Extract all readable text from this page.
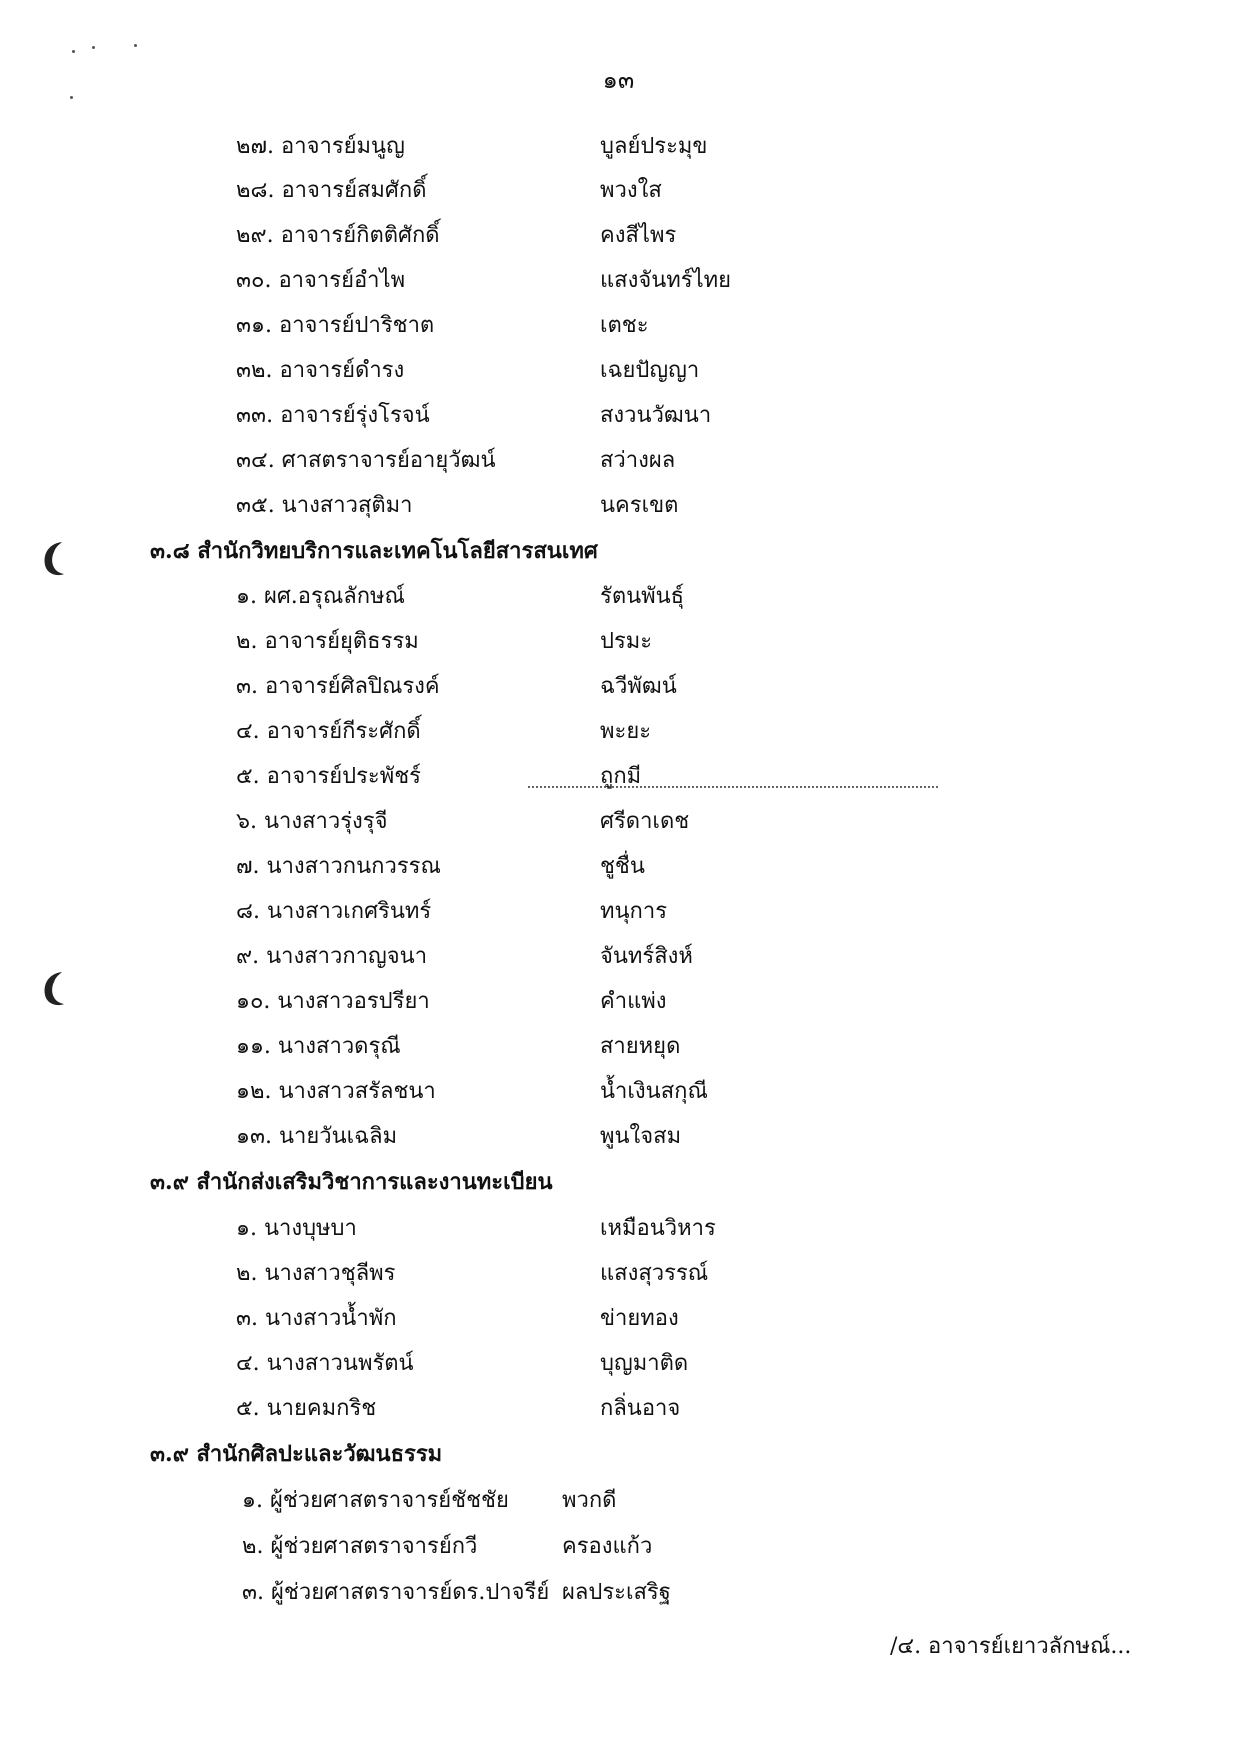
๑๓
๒๗. อาจารย์มนูญ	บูลย์ประมุข
๒๘. อาจารย์สมศักดิ์	พวงใส
๒๙. อาจารย์กิตติศักดิ์	คงสีไพร
๓๐. อาจารย์อำไพ	แสงจันทร์ไทย
๓๑. อาจารย์ปาริชาต	เตชะ
๓๒. อาจารย์ดำรง	เฉยปัญญา
๓๓. อาจารย์รุ่งโรจน์	สงวนวัฒนา
๓๔. ศาสตราจารย์อายุวัฒน์	สว่างผล
๓๕. นางสาวสุติมา	นครเขต
๓.๘ สำนักวิทยบริการและเทคโนโลยีสารสนเทศ
๑. ผศ.อรุณลักษณ์	รัตนพันธุ์
๒. อาจารย์ยุติธรรม	ปรมะ
๓. อาจารย์ศิลปิณรงค์	ฉวีพัฒน์
๔. อาจารย์กีระศักดิ์	พะยะ
๕. อาจารย์ประพัชร์	ถูกมี
๖. นางสาวรุ่งรุจี	ศรีดาเดช
๗. นางสาวกนกวรรณ	ชูชื่น
๘. นางสาวเกศรินทร์	ทนุการ
๙. นางสาวกาญจนา	จันทร์สิงห์
๑๐. นางสาวอรปรียา	คำแพ่ง
๑๑. นางสาวดรุณี	สายหยุด
๑๒. นางสาวสรัลชนา	น้ำเงินสกุณี
๑๓. นายวันเฉลิม	พูนใจสม
๓.๙ สำนักส่งเสริมวิชาการและงานทะเบียน
๑. นางบุษบา	เหมือนวิหาร
๒. นางสาวชุลีพร	แสงสุวรรณ์
๓. นางสาวน้ำพัก	ข่ายทอง
๔. นางสาวนพรัตน์	บุญมาติด
๕. นายคมกริช	กลิ่นอาจ
๓.๙ สำนักศิลปะและวัฒนธรรม
๑. ผู้ช่วยศาสตราจารย์ชัชชัย พวกดี
๒. ผู้ช่วยศาสตราจารย์กวี	ครองแก้ว
๓. ผู้ช่วยศาสตราจารย์ดร.ปาจรีย์ ผลประเสริฐ
/๔. อาจารย์เยาวลักษณ์...
